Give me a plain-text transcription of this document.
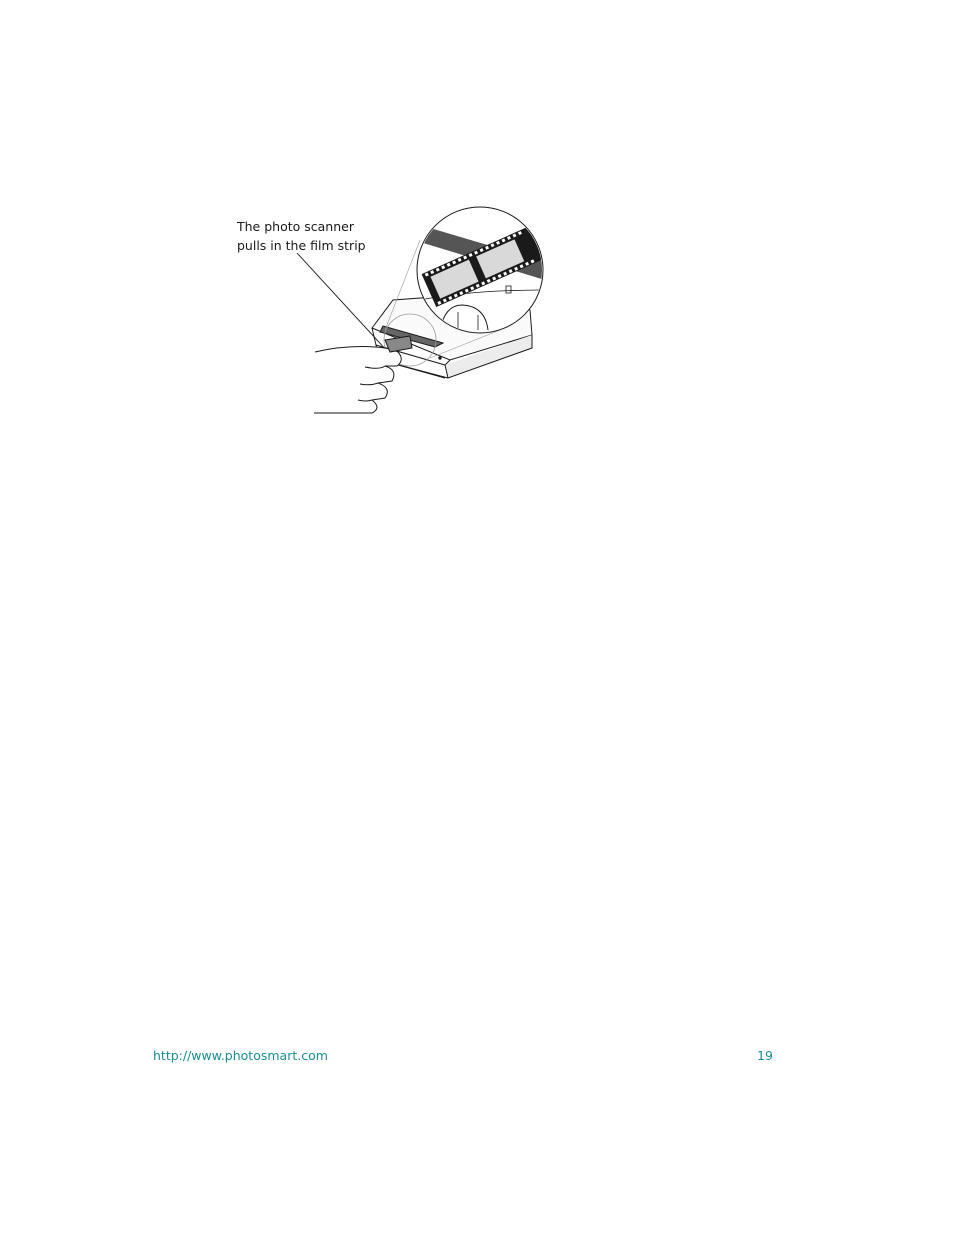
The photo scanner
pulls in the film strip
http://www.photosmart.com	19
